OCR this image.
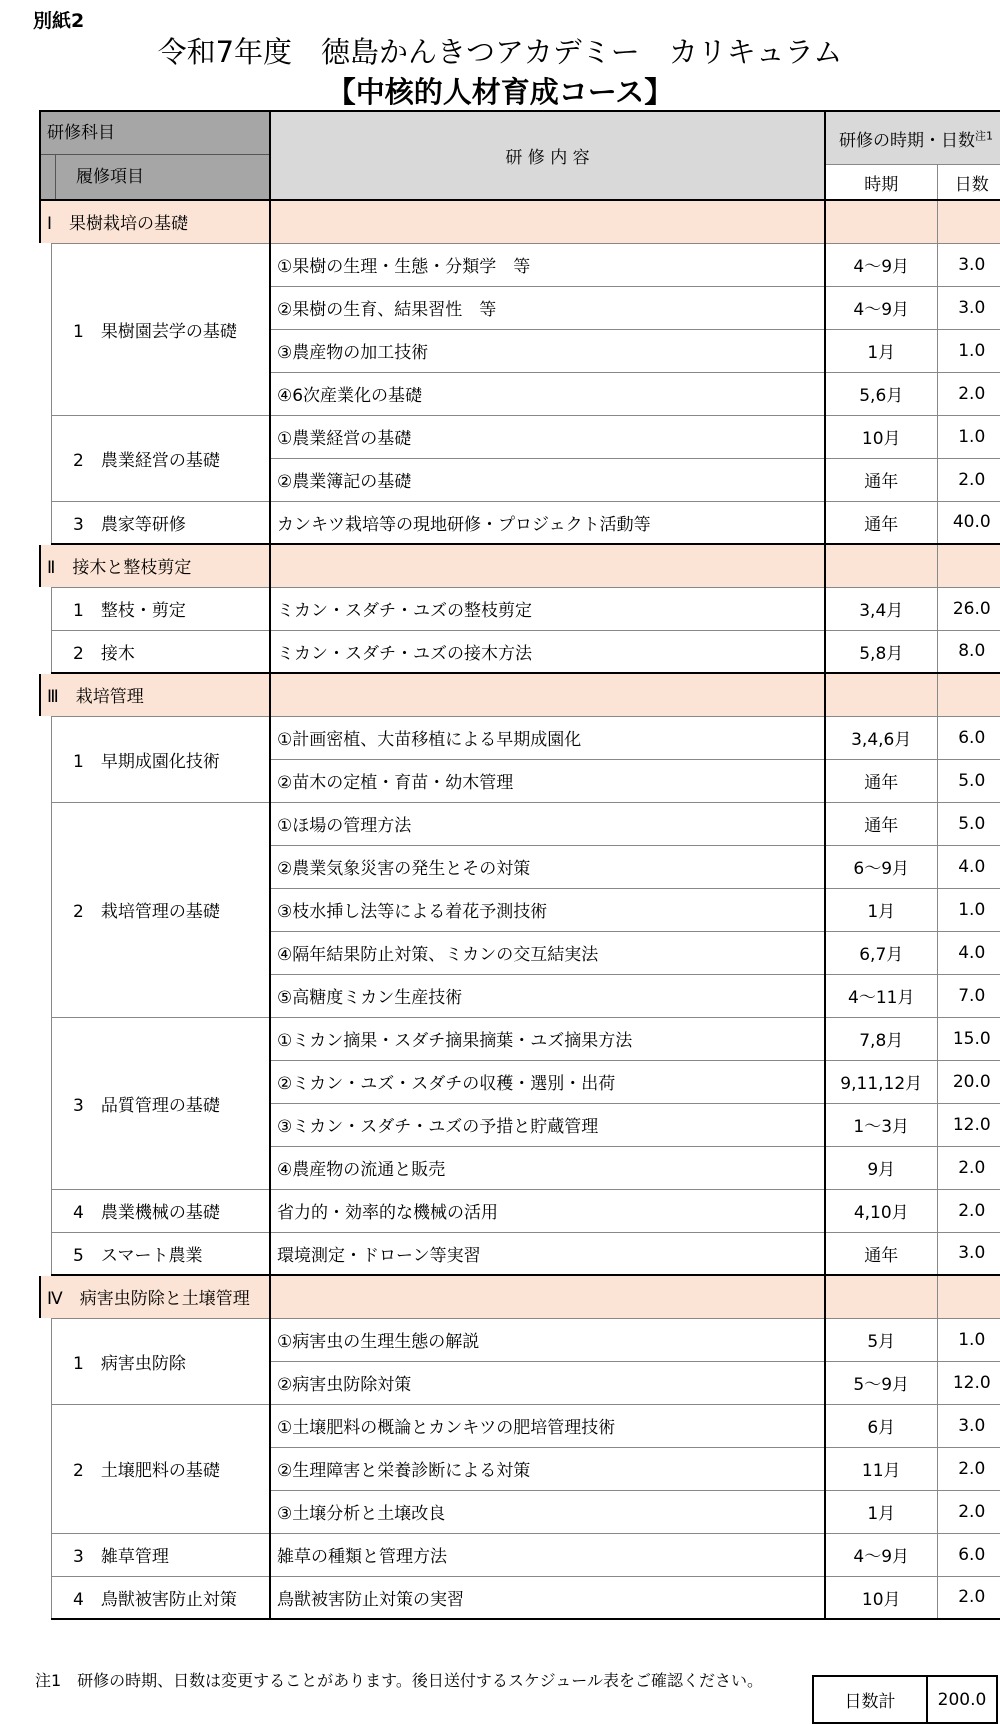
別紙2
令和7年度　徳島かんきつアカデミー　カリキュラム
【中核的人材育成コース】
研修科目
履修項目	研 修 内 容	研修の時期・日数$^{注1}$
		時期	日数
Ⅰ　果樹栽培の基礎			
1　果樹園芸学の基礎	①果樹の生理・生態・分類学　等	4～9月	3.0
	②果樹の生育、結果習性　等	4～9月	3.0
	③農産物の加工技術	1月	1.0
	④6次産業化の基礎	5,6月	2.0
2　農業経営の基礎	①農業経営の基礎	10月	1.0
	②農業簿記の基礎	通年	2.0
3　農家等研修	カンキツ栽培等の現地研修・プロジェクト活動等	通年	40.0
Ⅱ　接木と整枝剪定			
1　整枝・剪定	ミカン・スダチ・ユズの整枝剪定	3,4月	26.0
2　接木	ミカン・スダチ・ユズの接木方法	5,8月	8.0
Ⅲ　栽培管理			
1　早期成園化技術	①計画密植、大苗移植による早期成園化	3,4,6月	6.0
	②苗木の定植・育苗・幼木管理	通年	5.0
2　栽培管理の基礎	①ほ場の管理方法	通年	5.0
	②農業気象災害の発生とその対策	6～9月	4.0
	③枝水挿し法等による着花予測技術	1月	1.0
	④隔年結果防止対策、ミカンの交互結実法	6,7月	4.0
	⑤高糖度ミカン生産技術	4～11月	7.0
3　品質管理の基礎	①ミカン摘果・スダチ摘果摘葉・ユズ摘果方法	7,8月	15.0
	②ミカン・ユズ・スダチの収穫・選別・出荷	9,11,12月	20.0
	③ミカン・スダチ・ユズの予措と貯蔵管理	1～3月	12.0
	④農産物の流通と販売	9月	2.0
4　農業機械の基礎	省力的・効率的な機械の活用	4,10月	2.0
5　スマート農業	環境測定・ドローン等実習	通年	3.0
Ⅳ　病害虫防除と土壌管理			
1　病害虫防除	①病害虫の生理生態の解説	5月	1.0
	②病害虫防除対策	5～9月	12.0
2　土壌肥料の基礎	①土壌肥料の概論とカンキツの肥培管理技術	6月	3.0
	②生理障害と栄養診断による対策	11月	2.0
	③土壌分析と土壌改良	1月	2.0
3　雑草管理	雑草の種類と管理方法	4～9月	6.0
4　鳥獣被害防止対策	鳥獣被害防止対策の実習	10月	2.0
注1　研修の時期、日数は変更することがあります。後日送付するスケジュール表をご確認ください。
日数計	200.0
